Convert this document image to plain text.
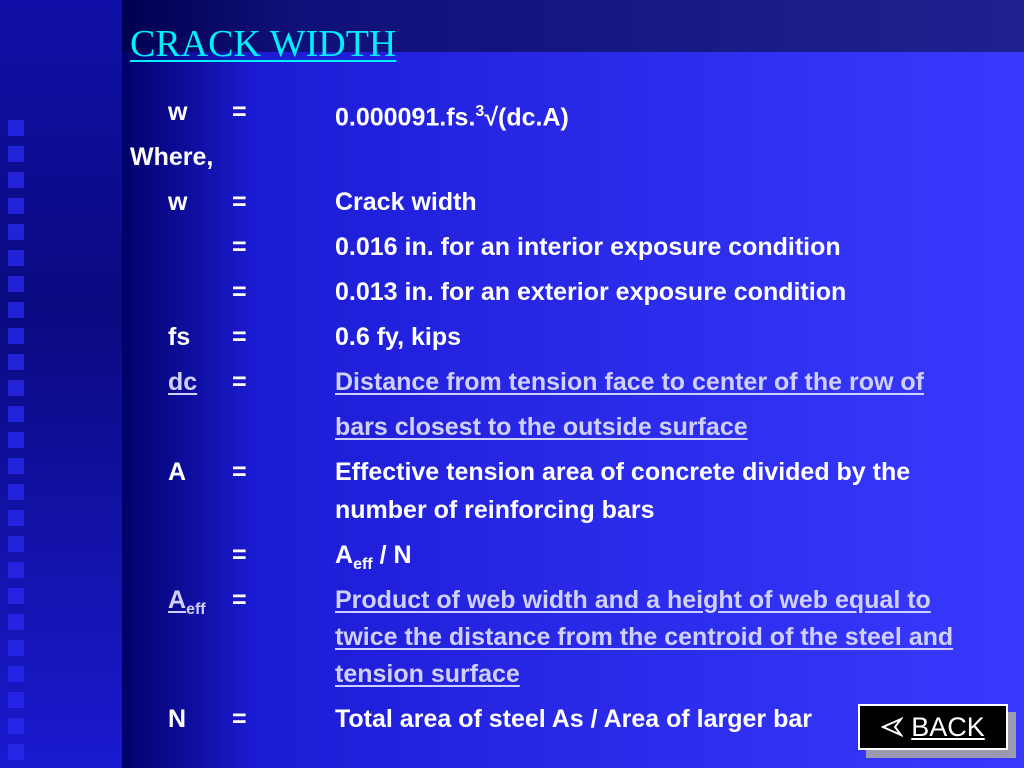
CRACK WIDTH
w =	0.000091.fs.$^3$√(dc.A)
Where,
w =	Crack width
=	0.016 in. for an interior exposure condition
=	0.013 in. for an exterior exposure condition
fs =	0.6 fy, kips
dc =	Distance from tension face to center of the row of
bars closest to the outside surface
A =	Effective tension area of concrete divided by the
number of reinforcing bars
=	$A_{eff}$ / N
$A_{eff}$ =	Product of web width and a height of web equal to
twice the distance from the centroid of the steel and
tension surface
N =	Total area of steel As / Area of larger bar	BACK
